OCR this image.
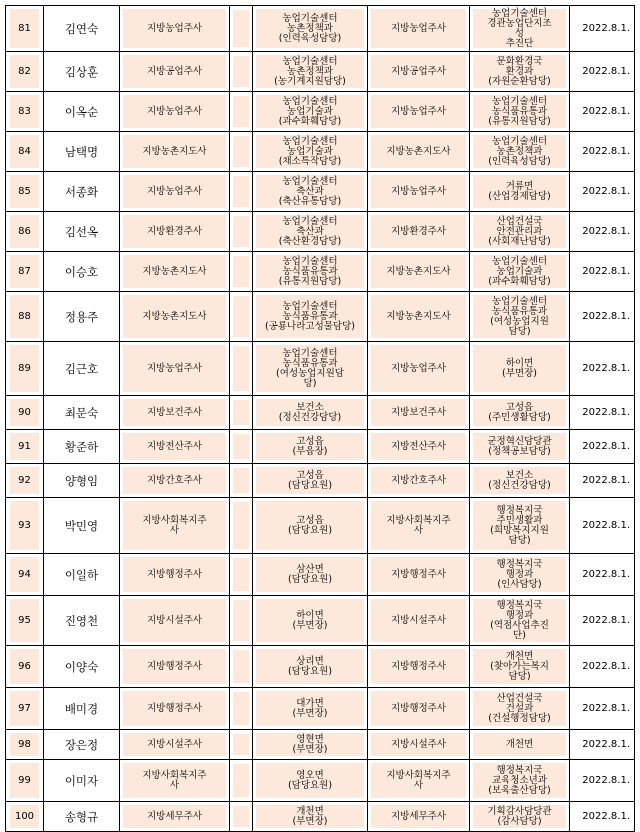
81	김연숙	지방농업주사		농업기술센터
농촌정책과
(인력육성담당)	지방농업주사	농업기술센터
경관농업단지조
성
추진단	2022.8.1.

82	김상훈	지방공업주사		농업기술센터
농촌정책과
(농기계지원담당)	지방공업주사	문화환경국
환경과
(자원순환담당)	2022.8.1.

83	이옥순	지방농업주사		농업기술센터
농업기술과
(과수화훼담당)	지방농업주사	농업기술센터
농식품유통과
(유통지원담당)	2022.8.1.

84	남택명	지방농촌지도사		농업기술센터
농업기술과
(채소특작담당)	지방농촌지도사	농업기술센터
농촌정책과
(인력육성담당)	2022.8.1.

85	서종화	지방농업주사		농업기술센터
축산과
(축산유통담당)	지방농업주사	거류면
(산업경제담당)	2022.8.1.

86	김선옥	지방환경주사		농업기술센터
축산과
(축산환경담당)	지방환경주사	산업건설국
안전관리과
(사회재난담당)	2022.8.1.

87	이승호	지방농촌지도사		농업기술센터
농식품유통과
(유통지원담당)	지방농촌지도사	농업기술센터
농업기술과
(과수화훼담당)	2022.8.1.

88	정용주	지방농촌지도사		농업기술센터
농식품유통과
(공룡나라고성물담당)	지방농촌지도사	농업기술센터
농식품유통과
(여성농업지원
담당)	2022.8.1.

89	김근호	지방농업주사		농업기술센터
농식품유통과
(여성농업지원담
당)	지방농업주사	하이면
(부면장)	2022.8.1.

90	최문숙	지방보건주사		보건소
(정신건강담당)	지방보건주사	고성읍
(주민생활담당)	2022.8.1.

91	황준하	지방전산주사		고성읍
(부읍장)	지방전산주사	군정혁신담당관
(정책공보담당)	2022.8.1.

92	양형임	지방간호주사		고성읍
(담당요원)	지방간호주사	보건소
(정신건강담당)	2022.8.1.

93	박민영	지방사회복지주
사		고성읍
(담당요원)	지방사회복지주
사	행정복지국
주민생활과
(희망복지지원
담당)	2022.8.1.

94	이일하	지방행정주사		삼산면
(담당요원)	지방행정주사	행정복지국
행정과
(인사담당)	2022.8.1.

95	진영천	지방시설주사		하이면
(부면장)	지방시설주사	행정복지국
행정과
(역점사업추진
단)	2022.8.1.

96	이양숙	지방행정주사		상리면
(담당요원)	지방행정주사	개천면
(찾아가는복지
담당)	2022.8.1.

97	배미경	지방행정주사		대가면
(부면장)	지방행정주사	산업건설국
건설과
(건설행정담당)	2022.8.1.

98	장은정	지방시설주사		영현면
(부면장)	지방시설주사	개천면	2022.8.1.

99	이미자	지방사회복지주
사		영오면
(담당요원)	지방사회복지주
사	행정복지국
교육청소년과
(보육출산담당)	2022.8.1.

100	송형규	지방세무주사		개천면
(부면장)	지방세무주사	기획감사담당관
(감사담당)	2022.8.1.
